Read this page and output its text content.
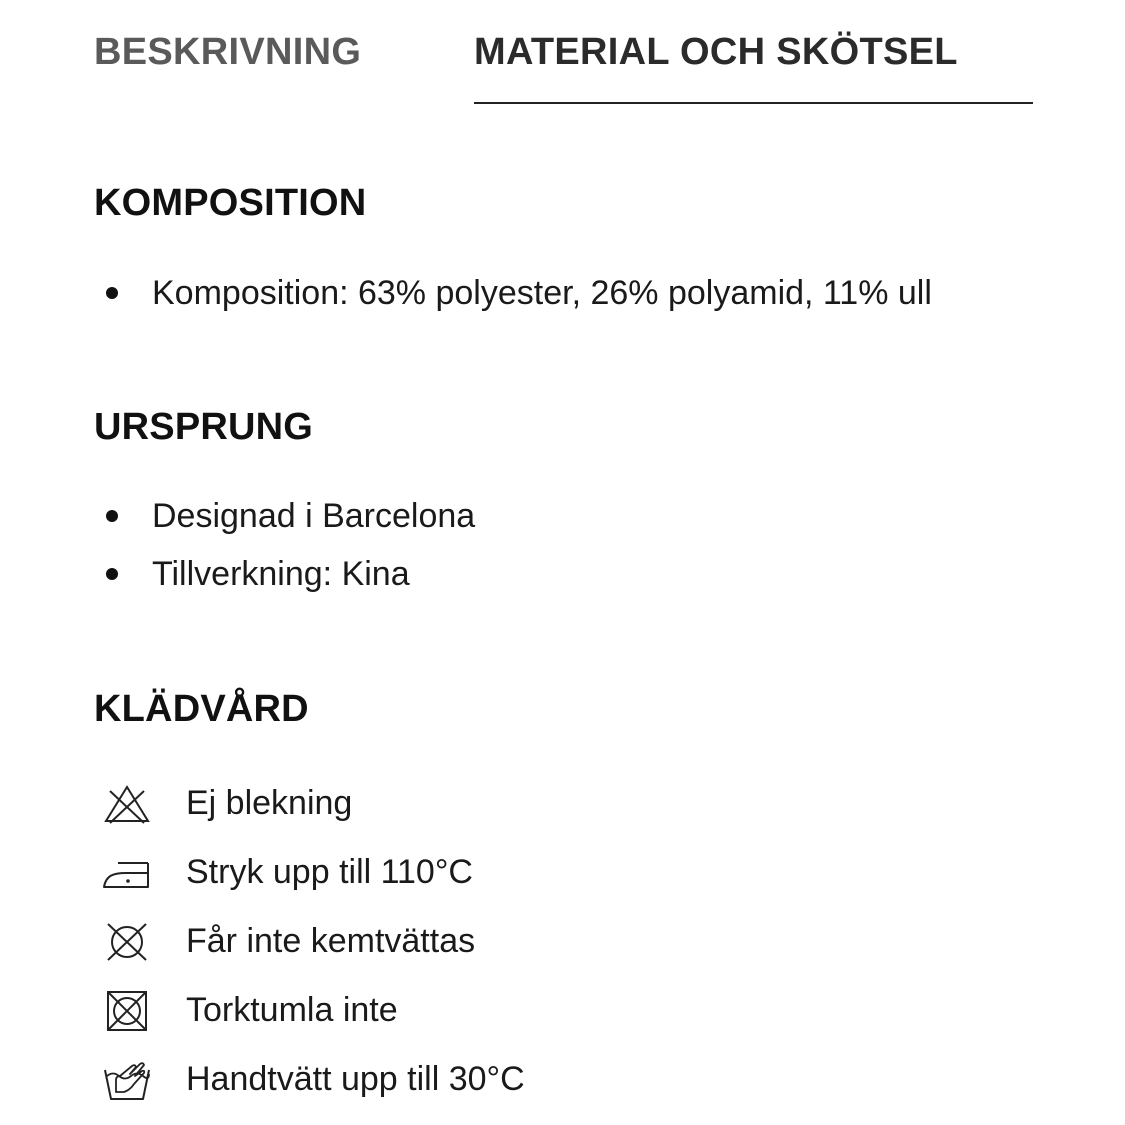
BESKRIVNING	MATERIAL OCH SKÖTSEL
KOMPOSITION
Komposition: 63% polyester, 26% polyamid, 11% ull
URSPRUNG
Designad i Barcelona
Tillverkning: Kina
KLÄDVÅRD
Ej blekning
Stryk upp till 110°C
Får inte kemtvättas
Torktumla inte
Handtvätt upp till 30°C
